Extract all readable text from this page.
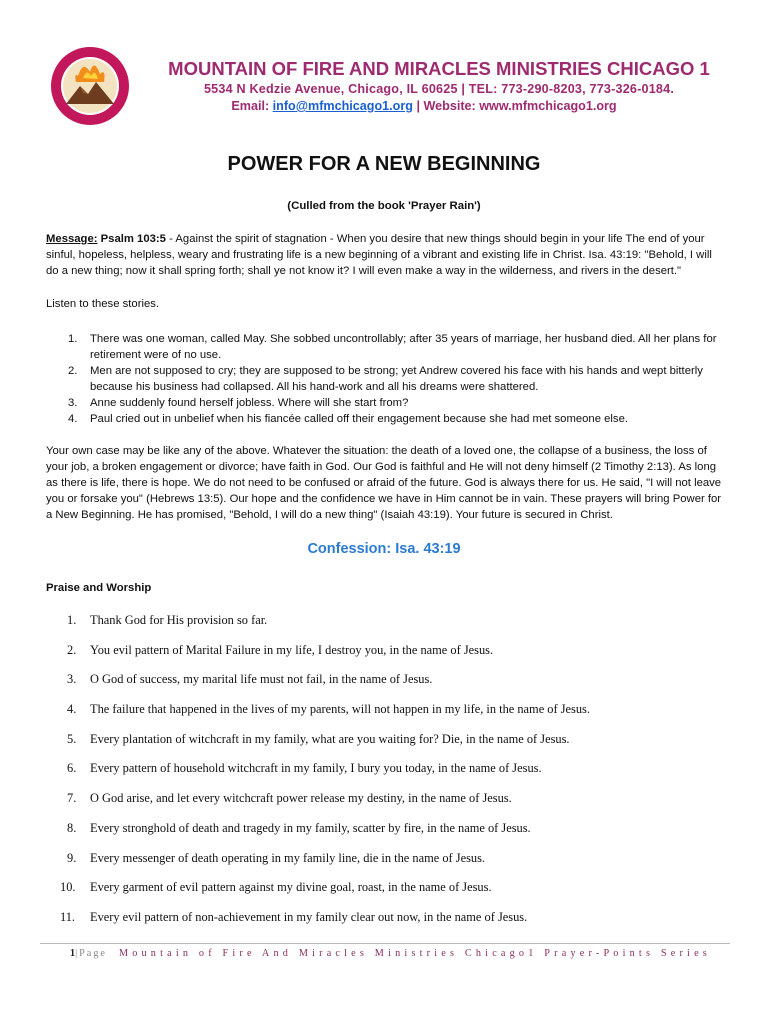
MOUNTAIN OF FIRE AND MIRACLES MINISTRIES CHICAGO 1
5534 N Kedzie Avenue, Chicago, IL 60625 | TEL: 773-290-8203, 773-326-0184.
Email: info@mfmchicago1.org | Website: www.mfmchicago1.org
POWER FOR A NEW BEGINNING
(Culled from the book 'Prayer Rain')

Message: Psalm 103:5 - Against the spirit of stagnation - When you desire that new things should begin in your life The end of your sinful, hopeless, helpless, weary and frustrating life is a new beginning of a vibrant and existing life in Christ. Isa. 43:19: "Behold, I will do a new thing; now it shall spring forth; shall ye not know it? I will even make a way in the wilderness, and rivers in the desert."

Listen to these stories.

1. There was one woman, called May. She sobbed uncontrollably; after 35 years of marriage, her husband died. All her plans for retirement were of no use.
2. Men are not supposed to cry; they are supposed to be strong; yet Andrew covered his face with his hands and wept bitterly because his business had collapsed. All his hand-work and all his dreams were shattered.
3. Anne suddenly found herself jobless. Where will she start from?
4. Paul cried out in unbelief when his fiancée called off their engagement because she had met someone else.

Your own case may be like any of the above. Whatever the situation: the death of a loved one, the collapse of a business, the loss of your job, a broken engagement or divorce; have faith in God. Our God is faithful and He will not deny himself (2 Timothy 2:13). As long as there is life, there is hope. We do not need to be confused or afraid of the future. God is always there for us. He said, "I will not leave you or forsake you" (Hebrews 13:5). Our hope and the confidence we have in Him cannot be in vain. These prayers will bring Power for a New Beginning. He has promised, "Behold, I will do a new thing" (Isaiah 43:19). Your future is secured in Christ.

Confession: Isa. 43:19
Praise and Worship
1. Thank God for His provision so far.
2. You evil pattern of Marital Failure in my life, I destroy you, in the name of Jesus.
3. O God of success, my marital life must not fail, in the name of Jesus.
4. The failure that happened in the lives of my parents, will not happen in my life, in the name of Jesus.
5. Every plantation of witchcraft in my family, what are you waiting for? Die, in the name of Jesus.
6. Every pattern of household witchcraft in my family, I bury you today, in the name of Jesus.
7. O God arise, and let every witchcraft power release my destiny, in the name of Jesus.
8. Every stronghold of death and tragedy in my family, scatter by fire, in the name of Jesus.
9. Every messenger of death operating in my family line, die in the name of Jesus.
10. Every garment of evil pattern against my divine goal, roast, in the name of Jesus.
11. Every evil pattern of non-achievement in my family clear out now, in the name of Jesus.
1|Page Mountain of Fire And Miracles Ministries Chicago1 Prayer-Points Series
